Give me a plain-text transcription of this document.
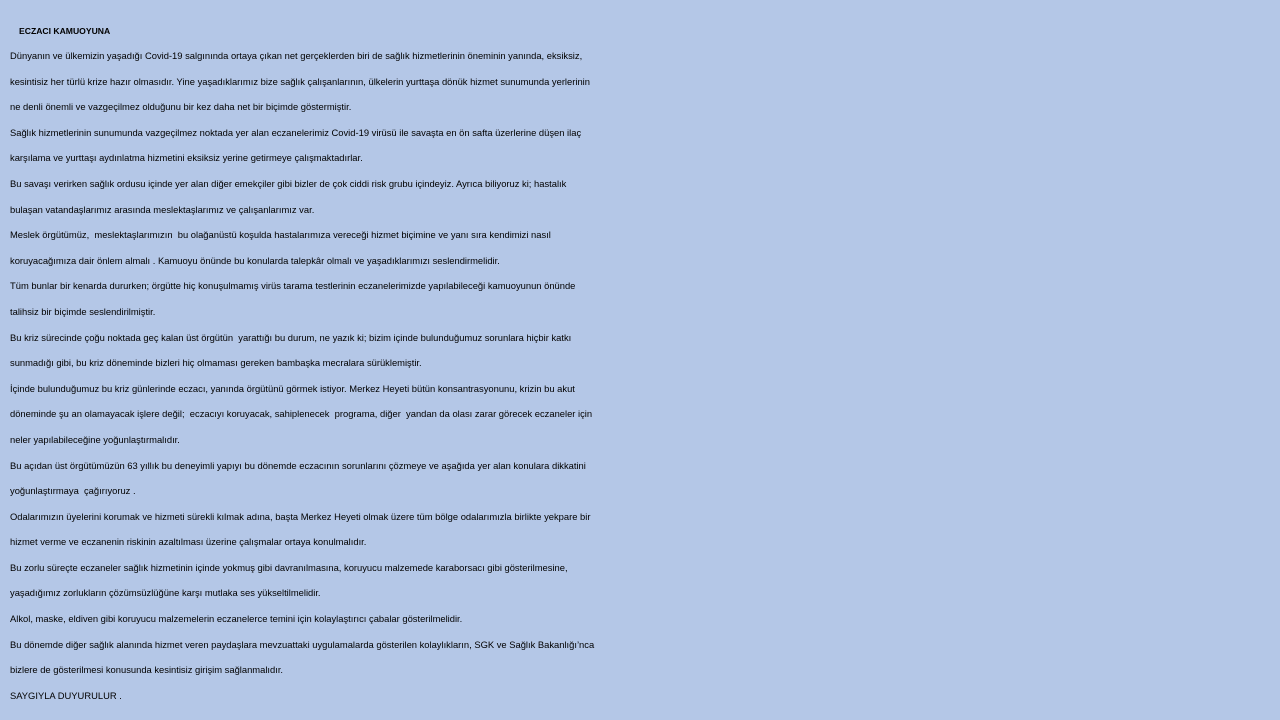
ECZACI KAMUOYUNA
Dünyanın ve ülkemizin yaşadığı Covid-19 salgınında ortaya çıkan net gerçeklerden biri de sağlık hizmetlerinin öneminin yanında, eksiksiz,
kesintisiz her türlü krize hazır olmasıdır. Yine yaşadıklarımız bize sağlık çalışanlarının, ülkelerin yurttaşa dönük hizmet sunumunda yerlerinin
ne denli önemli ve vazgeçilmez olduğunu bir kez daha net bir biçimde göstermiştir.
Sağlık hizmetlerinin sunumunda vazgeçilmez noktada yer alan eczanelerimiz Covid-19 virüsü ile savaşta en ön safta üzerlerine düşen ilaç
karşılama ve yurttaşı aydınlatma hizmetini eksiksiz yerine getirmeye çalışmaktadırlar.
Bu savaşı verirken sağlık ordusu içinde yer alan diğer emekçiler gibi bizler de çok ciddi risk grubu içindeyiz. Ayrıca biliyoruz ki; hastalık
bulaşan vatandaşlarımız arasında meslektaşlarımız ve çalışanlarımız var.
Meslek örgütümüz,  meslektaşlarımızın  bu olağanüstü koşulda hastalarımıza vereceği hizmet biçimine ve yanı sıra kendimizi nasıl
koruyacağımıza dair önlem almalı . Kamuoyu önünde bu konularda talepkâr olmalı ve yaşadıklarımızı seslendirmelidir.
Tüm bunlar bir kenarda dururken; örgütte hiç konuşulmamış virüs tarama testlerinin eczanelerimizde yapılabileceği kamuoyunun önünde
talihsiz bir biçimde seslendirilmiştir.
Bu kriz sürecinde çoğu noktada geç kalan üst örgütün  yarattığı bu durum, ne yazık ki; bizim içinde bulunduğumuz sorunlara hiçbir katkı
sunmadığı gibi, bu kriz döneminde bizleri hiç olmaması gereken bambaşka mecralara sürüklemiştir.
İçinde bulunduğumuz bu kriz günlerinde eczacı, yanında örgütünü görmek istiyor. Merkez Heyeti bütün konsantrasyonunu, krizin bu akut
döneminde şu an olamayacak işlere değil;  eczacıyı koruyacak, sahiplenecek  programa, diğer  yandan da olası zarar görecek eczaneler için
neler yapılabileceğine yoğunlaştırmalıdır.
Bu açıdan üst örgütümüzün 63 yıllık bu deneyimli yapıyı bu dönemde eczacının sorunlarını çözmeye ve aşağıda yer alan konulara dikkatini
yoğunlaştırmaya  çağırıyoruz .
Odalarımızın üyelerini korumak ve hizmeti sürekli kılmak adına, başta Merkez Heyeti olmak üzere tüm bölge odalarımızla birlikte yekpare bir
hizmet verme ve eczanenin riskinin azaltılması üzerine çalışmalar ortaya konulmalıdır.
Bu zorlu süreçte eczaneler sağlık hizmetinin içinde yokmuş gibi davranılmasına, koruyucu malzemede karaborsacı gibi gösterilmesine,
yaşadığımız zorlukların çözümsüzlüğüne karşı mutlaka ses yükseltilmelidir.
Alkol, maske, eldiven gibi koruyucu malzemelerin eczanelerce temini için kolaylaştırıcı çabalar gösterilmelidir.
Bu dönemde diğer sağlık alanında hizmet veren paydaşlara mevzuattaki uygulamalarda gösterilen kolaylıkların, SGK ve Sağlık Bakanlığı’nca
bizlere de gösterilmesi konusunda kesintisiz girişim sağlanmalıdır.
SAYGIYLA DUYURULUR .
